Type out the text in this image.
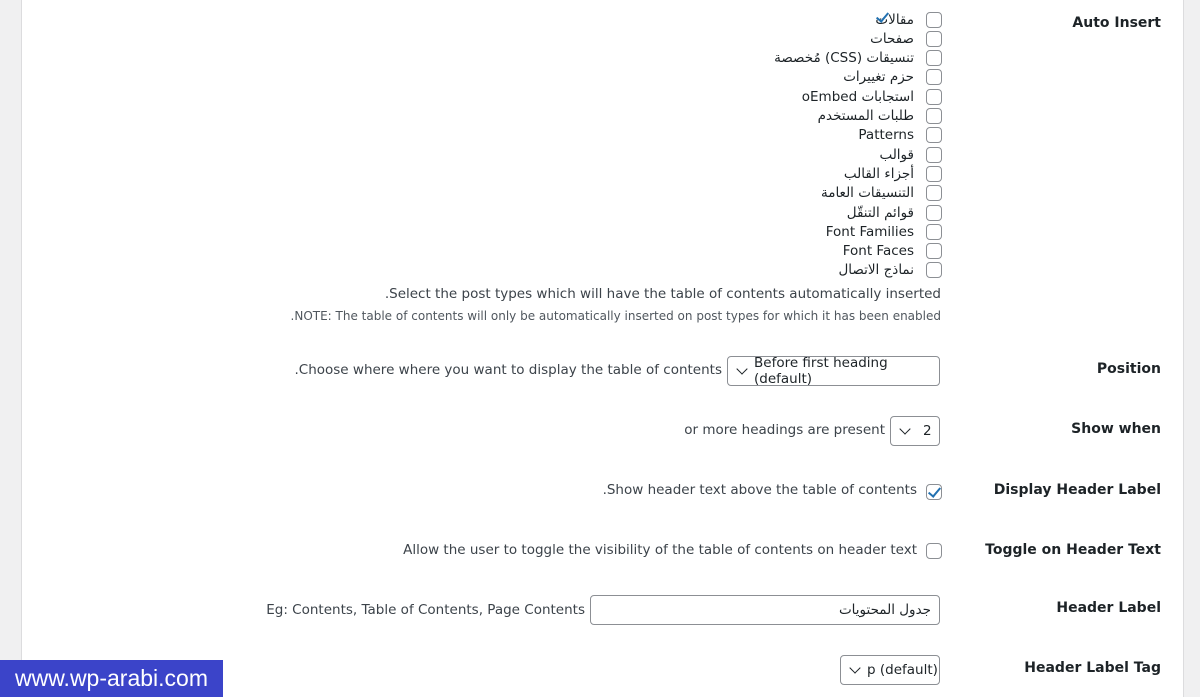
Auto Insert
مقالات
صفحات
تنسيقات (CSS) مُخصصة
حزم تغييرات
استجابات oEmbed
طلبات المستخدم
Patterns
قوالب
أجزاء القالب
التنسيقات العامة
قوائم التنقّل
Font Families
Font Faces
نماذج الاتصال
.Select the post types which will have the table of contents automatically inserted
.NOTE: The table of contents will only be automatically inserted on post types for which it has been enabled
Position
Before first heading (default)
.Choose where where you want to display the table of contents
Show when
2
or more headings are present
Display Header Label
.Show header text above the table of contents
Toggle on Header Text
Allow the user to toggle the visibility of the table of contents on header text
Header Label
جدول المحتويات
Eg: Contents, Table of Contents, Page Contents
Header Label Tag
p (default)
www.wp-arabi.com
